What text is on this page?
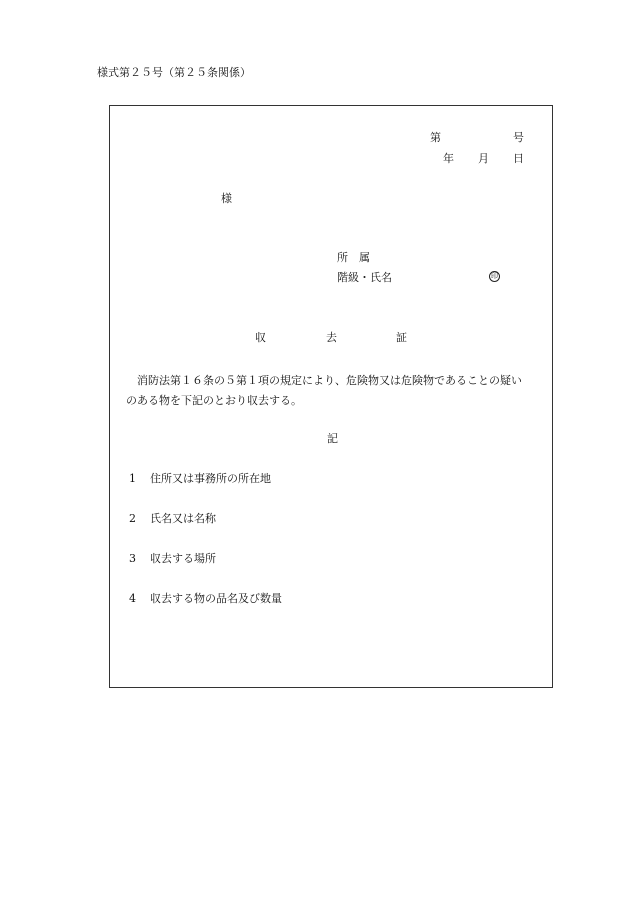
様式第２５号（第２５条関係）
第	号
年 月 日
様
所　属
階級・氏名	印
収	去	証

消防法第１６条の５第１項の規定により、危険物又は危険物であることの疑いのある物を下記のとおり収去する。

記
1 住所又は事務所の所在地
2 氏名又は名称
3 収去する場所
4 収去する物の品名及び数量
